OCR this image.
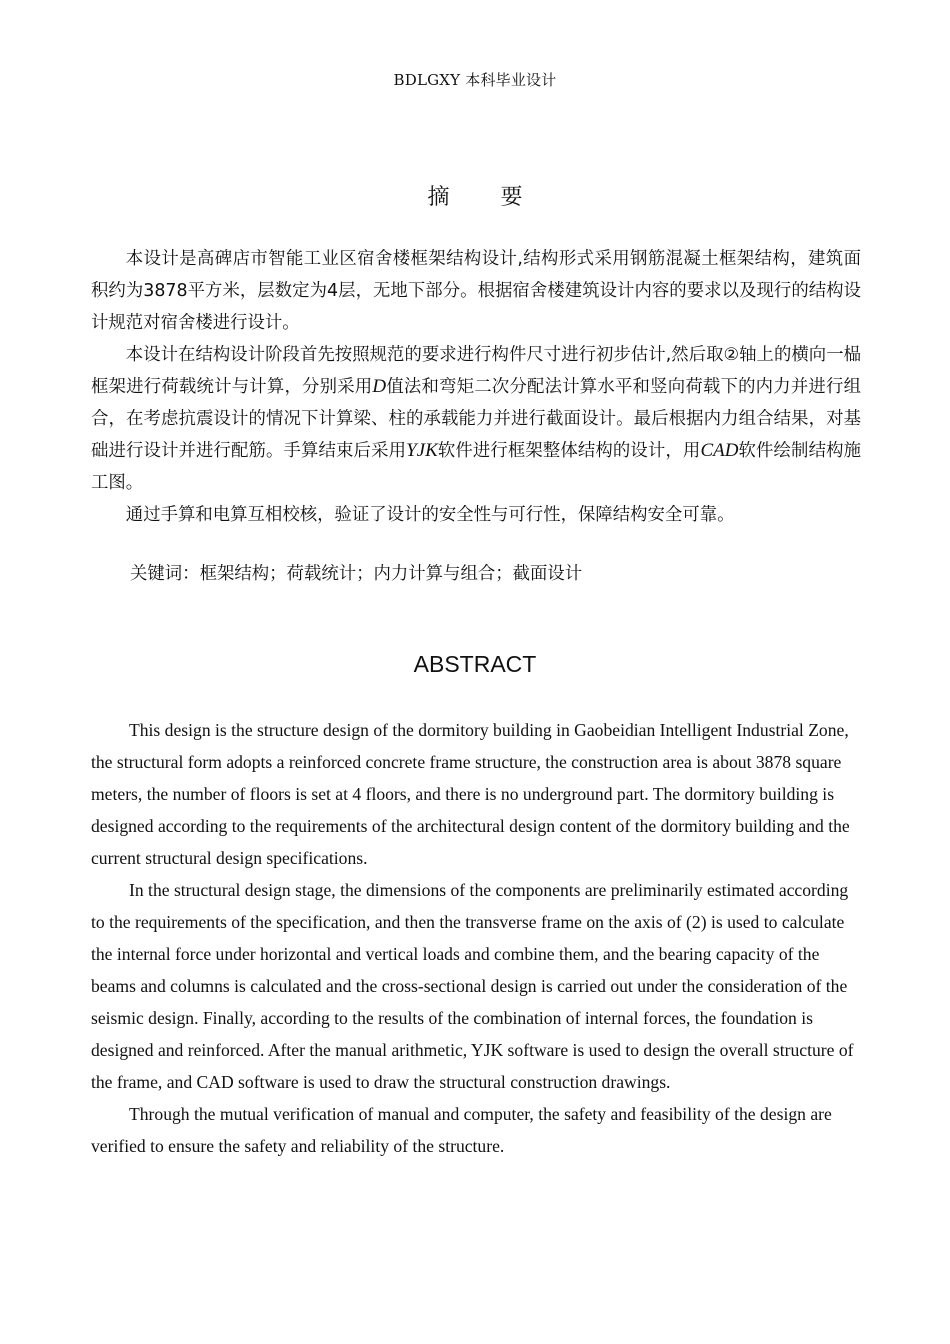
BDLGXY 本科毕业设计
摘 要

本设计是高碑店市智能工业区宿舍楼框架结构设计,结构形式采用钢筋混凝土框架结构，建筑面积约为3878平方米，层数定为4层，无地下部分。根据宿舍楼建筑设计内容的要求以及现行的结构设计规范对宿舍楼进行设计。

本设计在结构设计阶段首先按照规范的要求进行构件尺寸进行初步估计,然后取②轴上的横向一榀框架进行荷载统计与计算，分别采用D值法和弯矩二次分配法计算水平和竖向荷载下的内力并进行组合，在考虑抗震设计的情况下计算梁、柱的承载能力并进行截面设计。最后根据内力组合结果，对基础进行设计并进行配筋。手算结束后采用YJK软件进行框架整体结构的设计，用CAD软件绘制结构施工图。

通过手算和电算互相校核，验证了设计的安全性与可行性，保障结构安全可靠。

关键词：框架结构；荷载统计；内力计算与组合；截面设计
ABSTRACT

This design is the structure design of the dormitory building in Gaobeidian Intelligent Industrial Zone, the structural form adopts a reinforced concrete frame structure, the construction area is about 3878 square meters, the number of floors is set at 4 floors, and there is no underground part. The dormitory building is designed according to the requirements of the architectural design content of the dormitory building and the current structural design specifications.

In the structural design stage, the dimensions of the components are preliminarily estimated according to the requirements of the specification, and then the transverse frame on the axis of (2) is used to calculate the internal force under horizontal and vertical loads and combine them, and the bearing capacity of the beams and columns is calculated and the cross-sectional design is carried out under the consideration of the seismic design. Finally, according to the results of the combination of internal forces, the foundation is designed and reinforced. After the manual arithmetic, YJK software is used to design the overall structure of the frame, and CAD software is used to draw the structural construction drawings.

Through the mutual verification of manual and computer, the safety and feasibility of the design are verified to ensure the safety and reliability of the structure.
